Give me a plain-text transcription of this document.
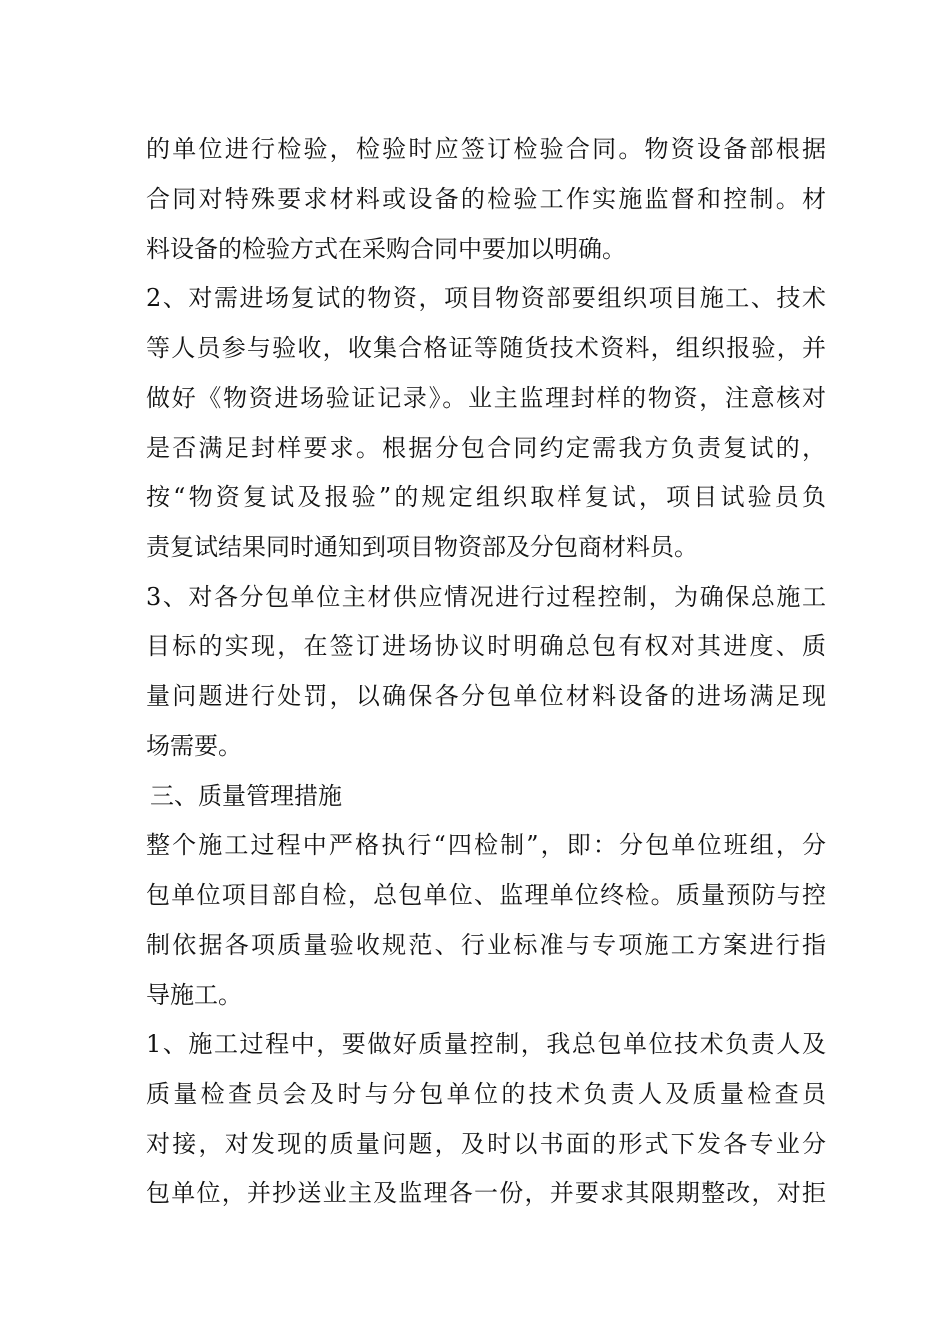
的单位进行检验，检验时应签订检验合同。物资设备部根据
合同对特殊要求材料或设备的检验工作实施监督和控制。材
料设备的检验方式在采购合同中要加以明确。
2、对需进场复试的物资，项目物资部要组织项目施工、技术
等人员参与验收，收集合格证等随货技术资料，组织报验，并
做好《物资进场验证记录》。业主监理封样的物资，注意核对
是否满足封样要求。根据分包合同约定需我方负责复试的，
按“物资复试及报验”的规定组织取样复试，项目试验员负
责复试结果同时通知到项目物资部及分包商材料员。
3、对各分包单位主材供应情况进行过程控制，为确保总施工
目标的实现，在签订进场协议时明确总包有权对其进度、质
量问题进行处罚，以确保各分包单位材料设备的进场满足现
场需要。
三、质量管理措施
整个施工过程中严格执行“四检制”，即：分包单位班组，分
包单位项目部自检，总包单位、监理单位终检。质量预防与控
制依据各项质量验收规范、行业标准与专项施工方案进行指
导施工。
1、施工过程中，要做好质量控制，我总包单位技术负责人及
质量检查员会及时与分包单位的技术负责人及质量检查员
对接，对发现的质量问题，及时以书面的形式下发各专业分
包单位，并抄送业主及监理各一份，并要求其限期整改，对拒
